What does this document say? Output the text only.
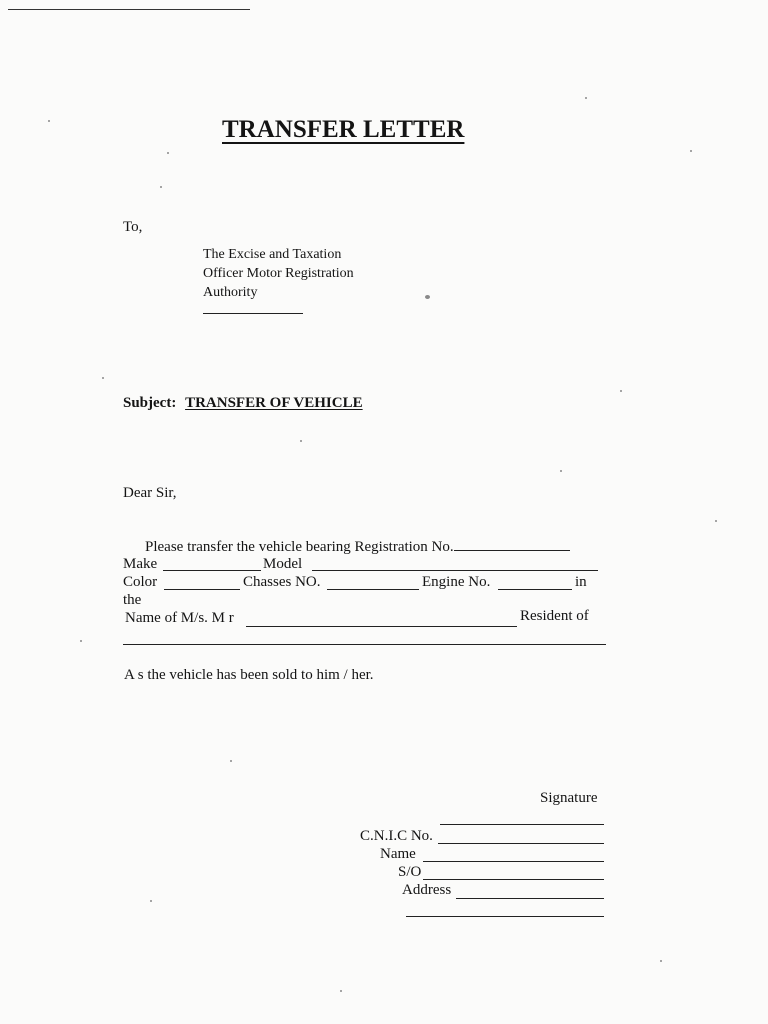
TRANSFER LETTER
To,
The Excise and Taxation
Officer Motor Registration
Authority
Subject: TRANSFER OF VEHICLE
Dear Sir,
Please transfer the vehicle bearing Registration No.
Make	Model
Color	Chasses NO.	Engine No.	in
the
Name of M/s. M r	Resident of
A s the vehicle has been sold to him / her.
Signature
C.N.I.C No.
Name
S/O
Address
